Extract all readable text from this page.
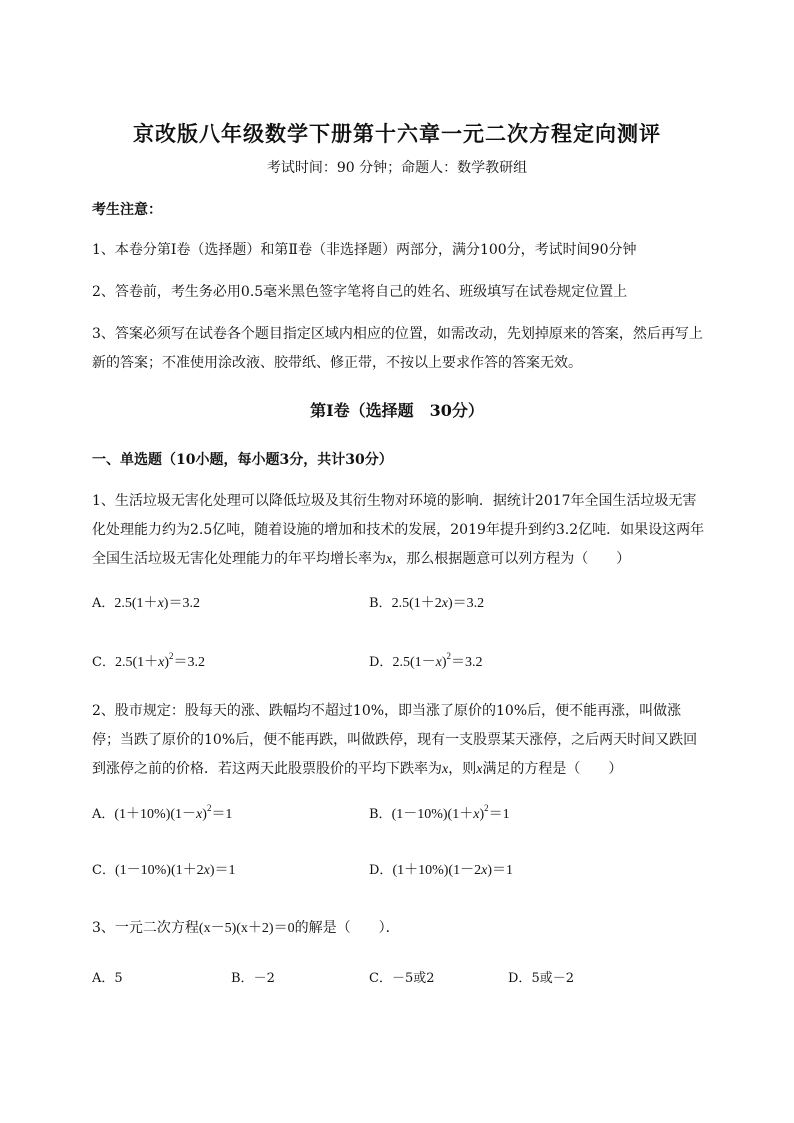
京改版八年级数学下册第十六章一元二次方程定向测评
考试时间：90 分钟；命题人：数学教研组
考生注意：
1、本卷分第Ⅰ卷（选择题）和第Ⅱ卷（非选择题）两部分，满分100分，考试时间90分钟
2、答卷前，考生务必用0.5毫米黑色签字笔将自己的姓名、班级填写在试卷规定位置上
3、答案必须写在试卷各个题目指定区域内相应的位置，如需改动，先划掉原来的答案，然后再写上新的答案；不准使用涂改液、胶带纸、修正带，不按以上要求作答的答案无效。
第Ⅰ卷（选择题　30分）
一、单选题（10小题，每小题3分，共计30分）
1、生活垃圾无害化处理可以降低垃圾及其衍生物对环境的影响．据统计2017年全国生活垃圾无害化处理能力约为2.5亿吨，随着设施的增加和技术的发展，2019年提升到约3.2亿吨．如果设这两年全国生活垃圾无害化处理能力的年平均增长率为x，那么根据题意可以列方程为（　　）
A．2.5(1＋x)＝3.2	B．2.5(1＋2x)＝3.2
C．$2.5(1+x)^2=3.2$	D．$2.5(1-x)^2=3.2$
2、股市规定：股每天的涨、跌幅均不超过10%，即当涨了原价的10%后，便不能再涨，叫做涨停；当跌了原价的10%后，便不能再跌，叫做跌停，现有一支股票某天涨停，之后两天时间又跌回到涨停之前的价格．若这两天此股票股价的平均下跌率为x，则x满足的方程是（　　）
A．$(1+10\%)(1-x)^2=1$	B．$(1-10\%)(1+x)^2=1$
C．(1－10%)(1＋2x)＝1	D．(1＋10%)(1－2x)＝1
3、一元二次方程(x－5)(x＋2)＝0的解是（　　）．
A．5	B．－2	C．－5或2	D．5或－2
